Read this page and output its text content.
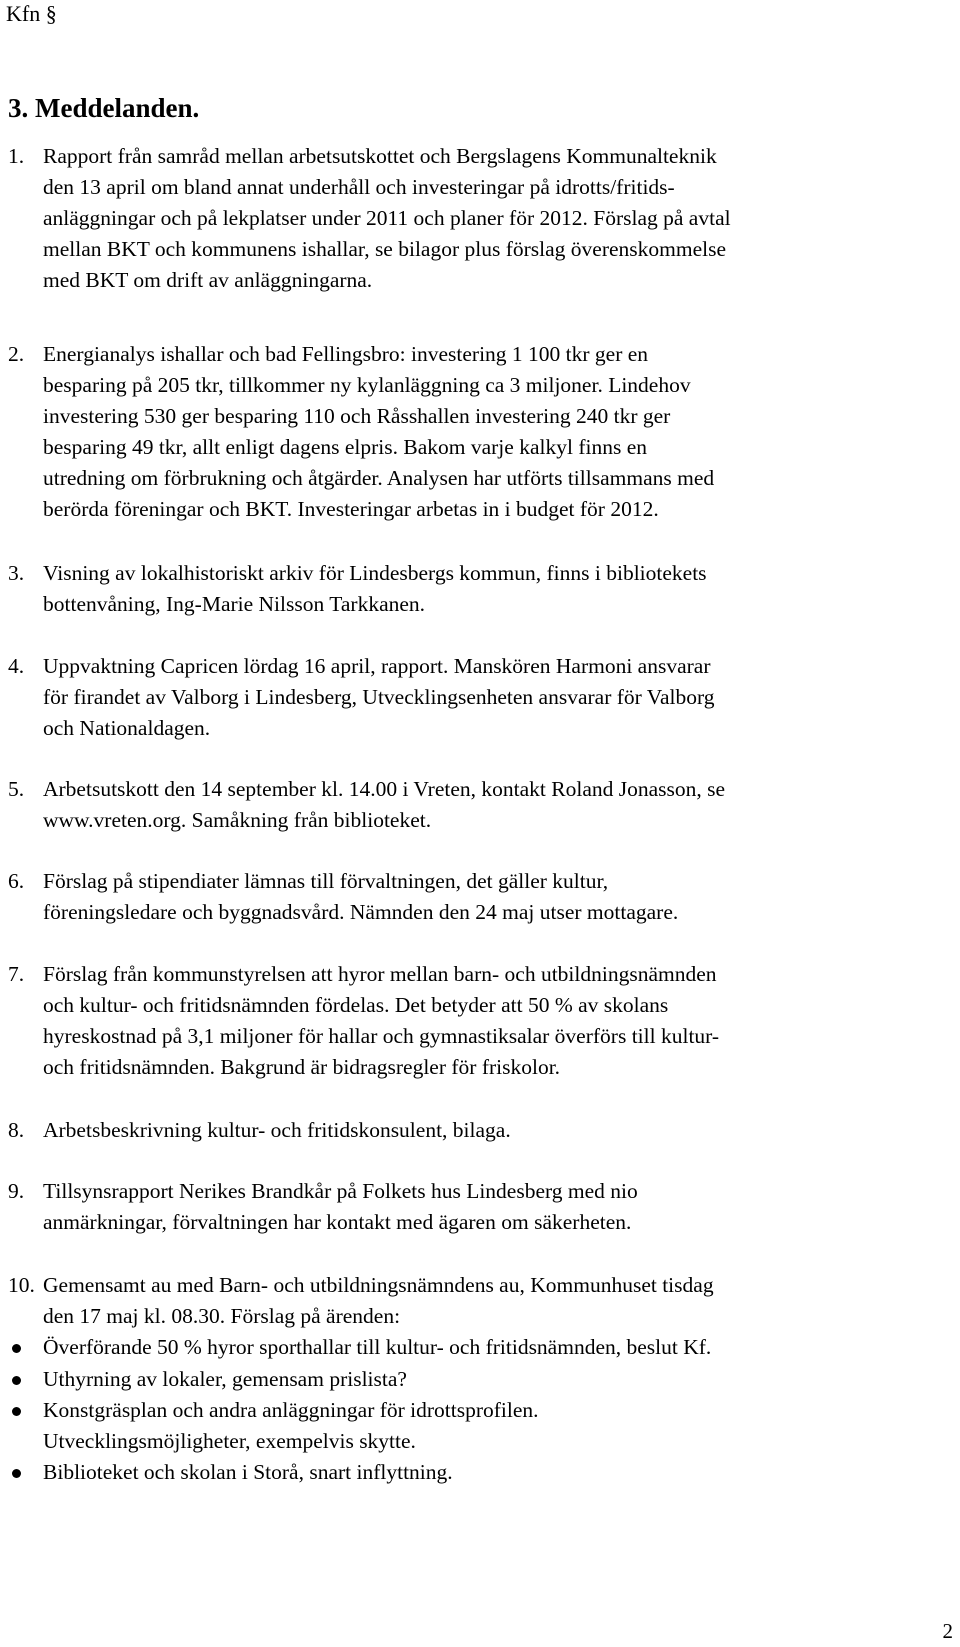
Kfn §
3. Meddelanden.
1. Rapport från samråd mellan arbetsutskottet och Bergslagens Kommunalteknik
den 13 april om bland annat underhåll och investeringar på idrotts/fritids-
anläggningar och på lekplatser under 2011 och planer för 2012. Förslag på avtal
mellan BKT och kommunens ishallar, se bilagor plus förslag överenskommelse
med BKT om drift av anläggningarna.
2. Energianalys ishallar och bad Fellingsbro: investering 1 100 tkr ger en
besparing på 205 tkr, tillkommer ny kylanläggning ca 3 miljoner. Lindehov
investering 530 ger besparing 110 och Råsshallen investering 240 tkr ger
besparing 49 tkr, allt enligt dagens elpris. Bakom varje kalkyl finns en
utredning om förbrukning och åtgärder. Analysen har utförts tillsammans med
berörda föreningar och BKT. Investeringar arbetas in i budget för 2012.
3. Visning av lokalhistoriskt arkiv för Lindesbergs kommun, finns i bibliotekets
bottenvåning, Ing-Marie Nilsson Tarkkanen.
4. Uppvaktning Capricen lördag 16 april, rapport. Manskören Harmoni ansvarar
för firandet av Valborg i Lindesberg, Utvecklingsenheten ansvarar för Valborg
och Nationaldagen.
5. Arbetsutskott den 14 september kl. 14.00 i Vreten, kontakt Roland Jonasson, se
www.vreten.org. Samåkning från biblioteket.
6. Förslag på stipendiater lämnas till förvaltningen, det gäller kultur,
föreningsledare och byggnadsvård. Nämnden den 24 maj utser mottagare.
7. Förslag från kommunstyrelsen att hyror mellan barn- och utbildningsnämnden
och kultur- och fritidsnämnden fördelas. Det betyder att 50 % av skolans
hyreskostnad på 3,1 miljoner för hallar och gymnastiksalar överförs till kultur-
och fritidsnämnden. Bakgrund är bidragsregler för friskolor.
8. Arbetsbeskrivning kultur- och fritidskonsulent, bilaga.
9. Tillsynsrapport Nerikes Brandkår på Folkets hus Lindesberg med nio
anmärkningar, förvaltningen har kontakt med ägaren om säkerheten.
10. Gemensamt au med Barn- och utbildningsnämndens au, Kommunhuset tisdag
den 17 maj kl. 08.30. Förslag på ärenden:
Överförande 50 % hyror sporthallar till kultur- och fritidsnämnden, beslut Kf.
Uthyrning av lokaler, gemensam prislista?
Konstgräsplan och andra anläggningar för idrottsprofilen.
Utvecklingsmöjligheter, exempelvis skytte.
Biblioteket och skolan i Storå, snart inflyttning.
2
